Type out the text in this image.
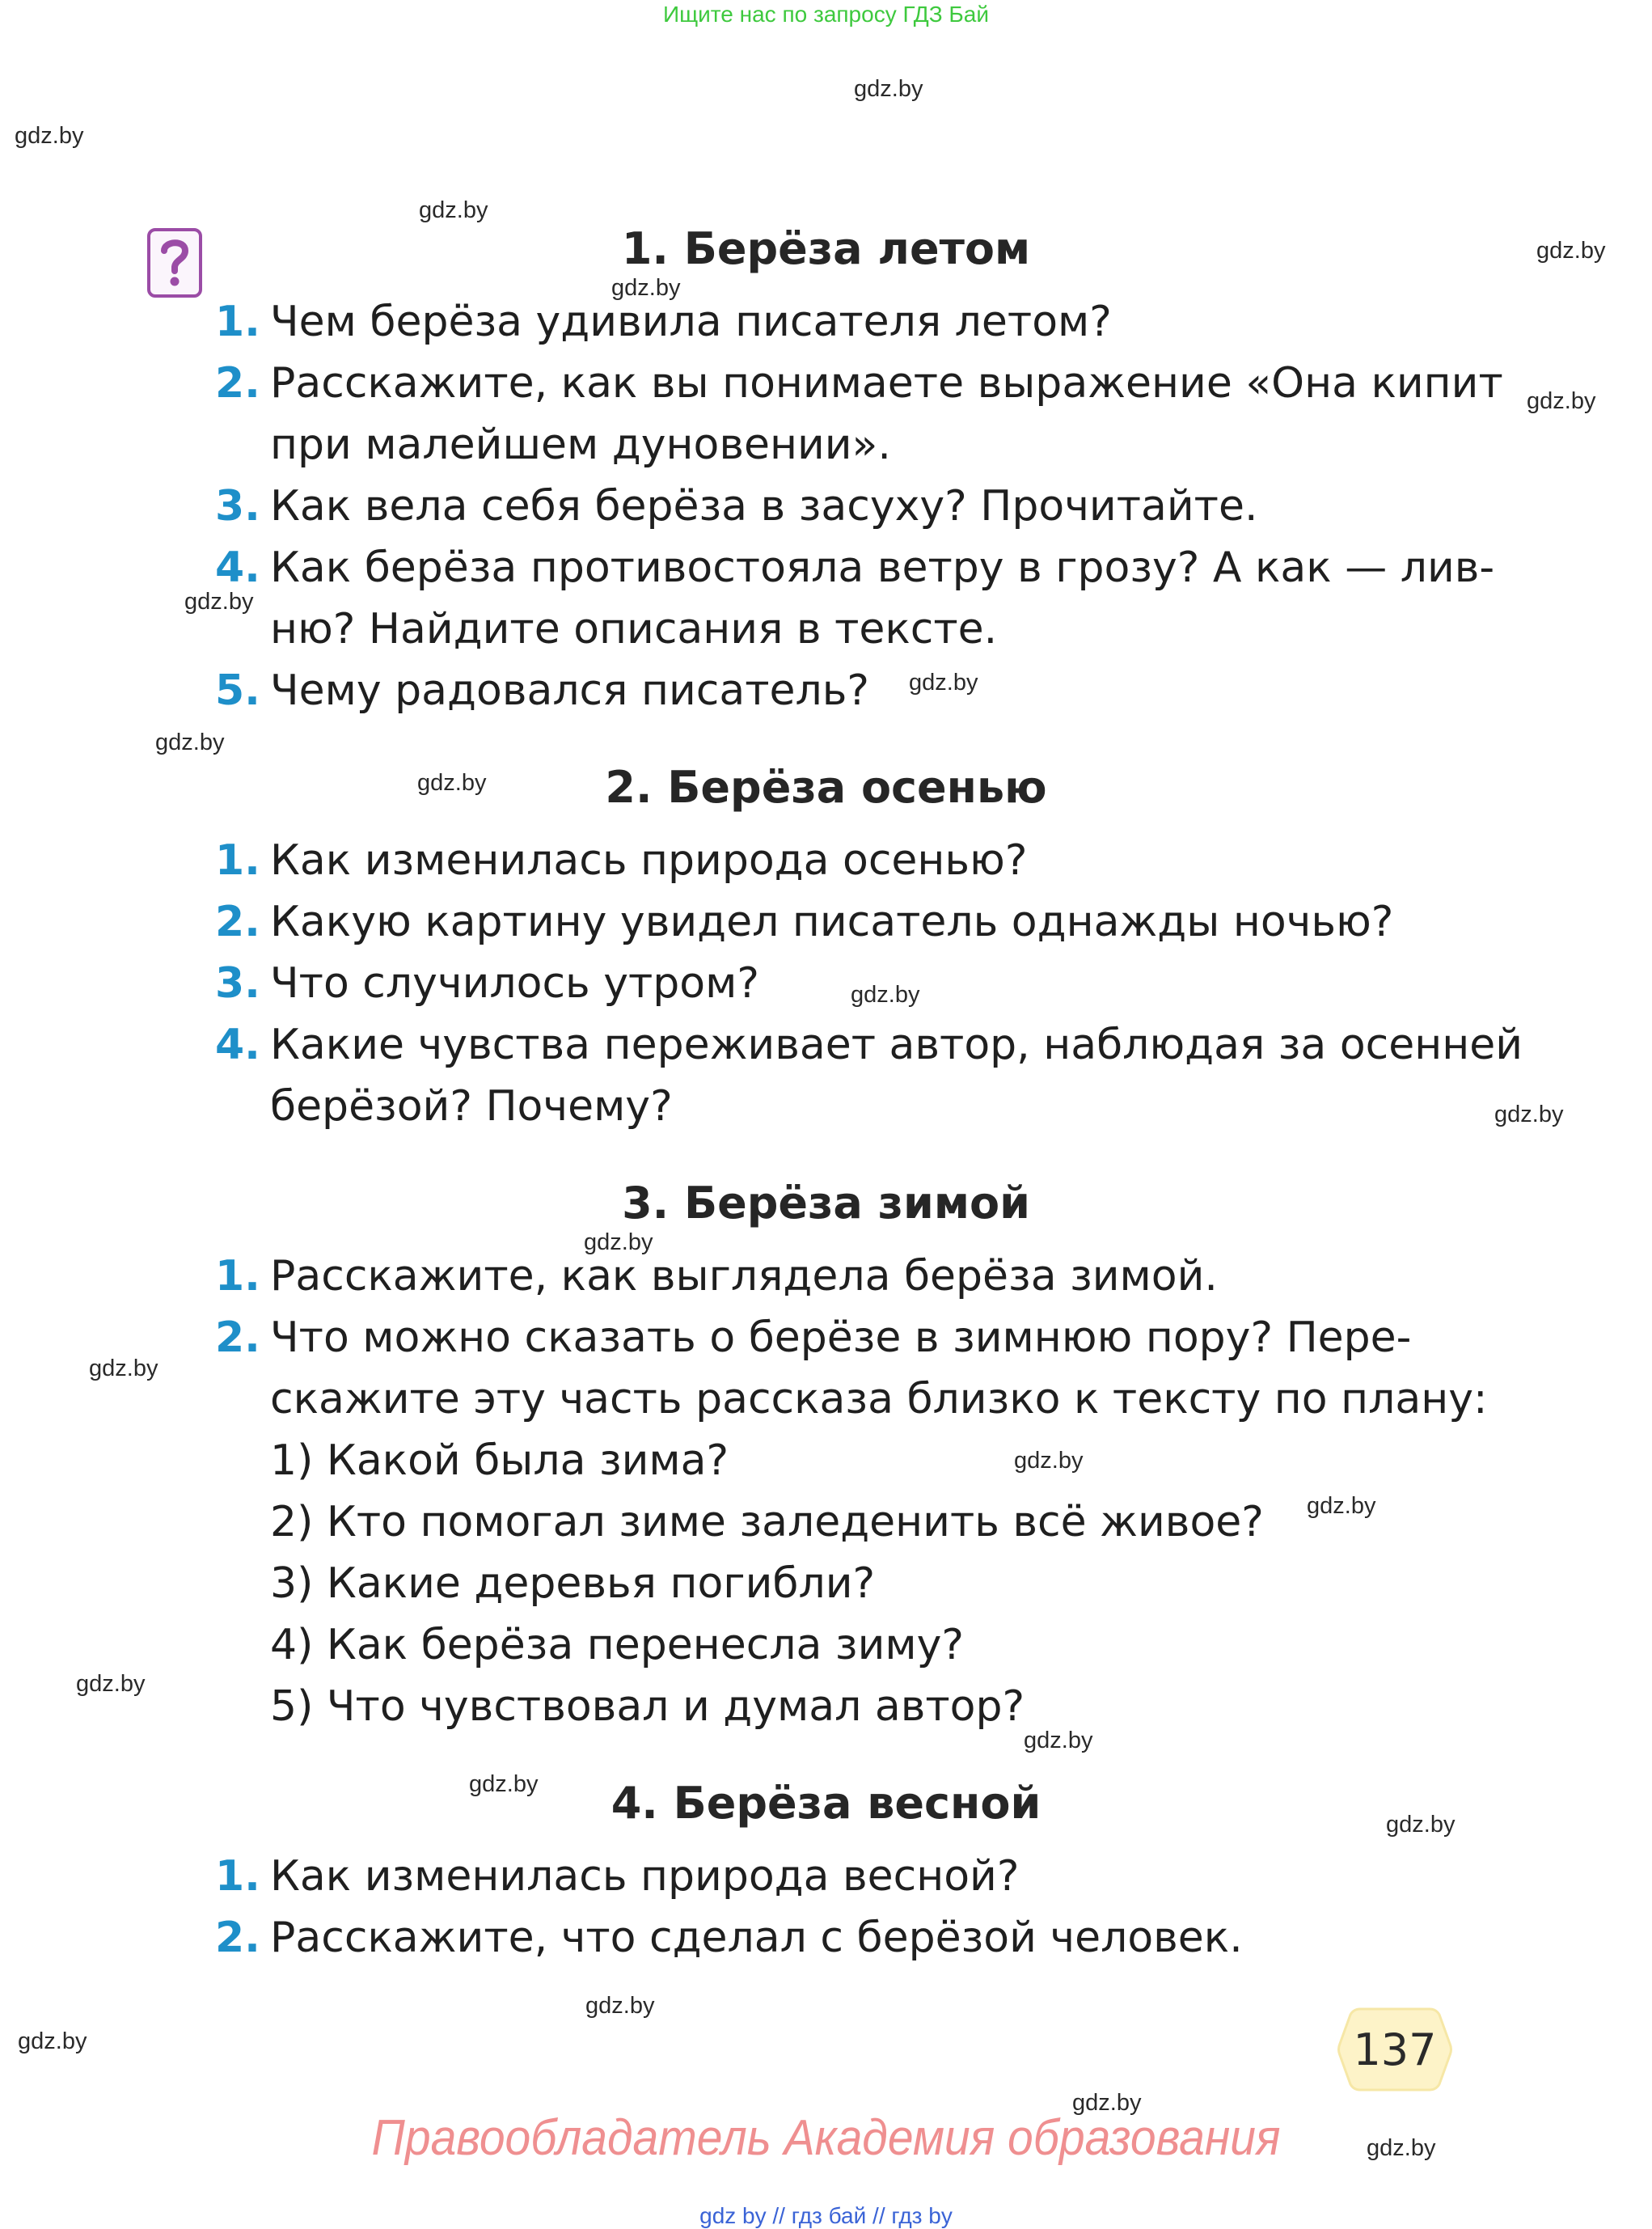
Ищите нас по запросу ГДЗ Бай
gdz.by
gdz.by
gdz.by
gdz.by
gdz.by
gdz.by
gdz.by
gdz.by
gdz.by
gdz.by
gdz.by
gdz.by
gdz.by
gdz.by
gdz.by
gdz.by
gdz.by
gdz.by
gdz.by
gdz.by
gdz.by
gdz.by
gdz.by
gdz.by
1. Берёза летом
1. Чем берёза удивила писателя летом?
2. Расскажите, как вы понимаете выражение «Она кипит
при малейшем дуновении».
3. Как вела себя берёза в засуху? Прочитайте.
4. Как берёза противостояла ветру в грозу? А как — лив-
ню? Найдите описания в тексте.
5. Чему радовался писатель?
2. Берёза осенью
1. Как изменилась природа осенью?
2. Какую картину увидел писатель однажды ночью?
3. Что случилось утром?
4. Какие чувства переживает автор, наблюдая за осенней
берёзой? Почему?
3. Берёза зимой
1. Расскажите, как выглядела берёза зимой.
2. Что можно сказать о берёзе в зимнюю пору? Пере-
скажите эту часть рассказа близко к тексту по плану:
1) Какой была зима?
2) Кто помогал зиме заледенить всё живое?
3) Какие деревья погибли?
4) Как берёза перенесла зиму?
5) Что чувствовал и думал автор?
4. Берёза весной
1. Как изменилась природа весной?
2. Расскажите, что сделал с берёзой человек.
137
Правообладатель Академия образования
gdz by // гдз бай // гдз by
